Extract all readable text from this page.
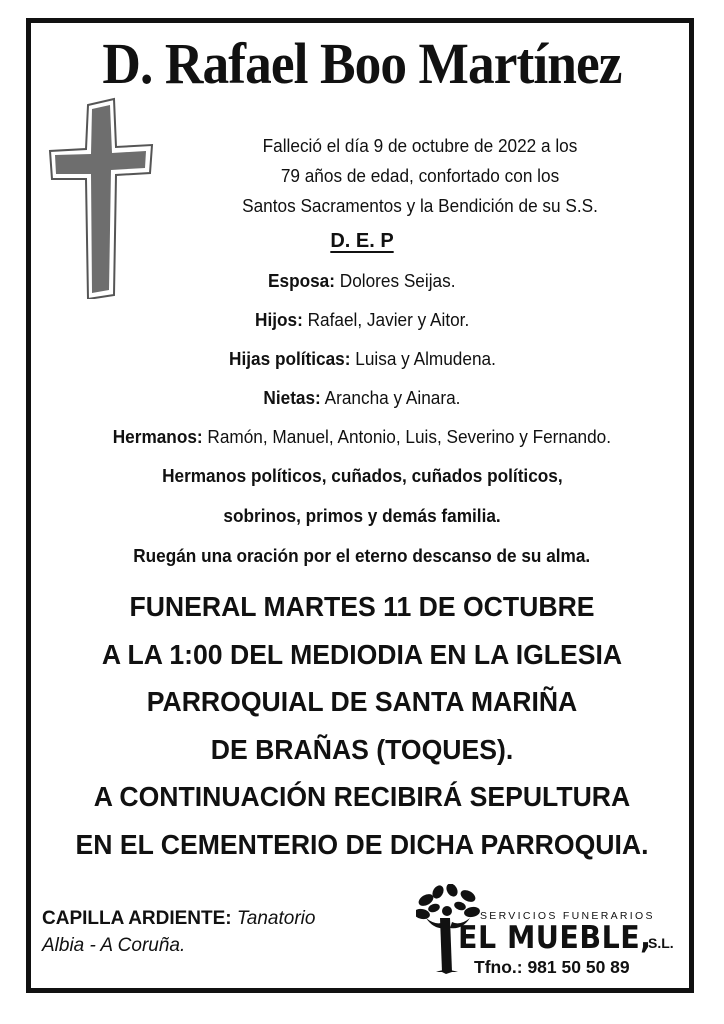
D. Rafael Boo Martínez
Falleció el día 9 de octubre de 2022 a los
79 años de edad, confortado con los
Santos Sacramentos y la Bendición de su S.S.
D. E. P
Esposa: Dolores Seijas.
Hijos: Rafael, Javier y Aitor.
Hijas políticas: Luisa y Almudena.
Nietas: Arancha y Ainara.
Hermanos: Ramón, Manuel, Antonio, Luis, Severino y Fernando.
Hermanos políticos, cuñados, cuñados políticos,
sobrinos, primos y demás familia.
Ruegán una oración por el eterno descanso de su alma.
FUNERAL MARTES 11 DE OCTUBRE
A LA 1:00 DEL MEDIODIA EN LA IGLESIA
PARROQUIAL DE SANTA MARIÑA
DE BRAÑAS (TOQUES).
A CONTINUACIÓN RECIBIRÁ SEPULTURA
EN EL CEMENTERIO DE DICHA PARROQUIA.
CAPILLA ARDIENTE: Tanatorio
Albia - A Coruña.
SERVICIOS FUNERARIOS
EL MUEBLE,
S.L.
Tfno.: 981 50 50 89
